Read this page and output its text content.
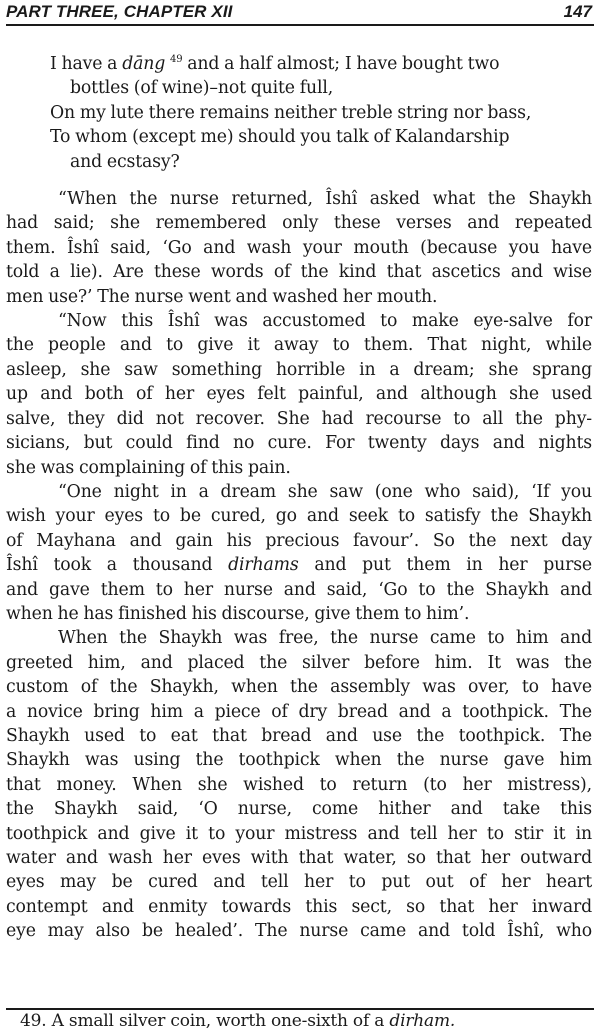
PART THREE, CHAPTER XII	147
I have a dāng $^{49}$ and a half almost; I have bought two
bottles (of wine)–not quite full,
On my lute there remains neither treble string nor bass,
To whom (except me) should you talk of Kalandarship
and ecstasy?

“When the nurse returned, Îshî asked what the Shaykh
had said; she remembered only these verses and repeated
them. Îshî said, ‘Go and wash your mouth (because you have
told a lie). Are these words of the kind that ascetics and wise
men use?’ The nurse went and washed her mouth.

“Now this Îshî was accustomed to make eye-salve for
the people and to give it away to them. That night, while
asleep, she saw something horrible in a dream; she sprang
up and both of her eyes felt painful, and although she used
salve, they did not recover. She had recourse to all the phy-
sicians, but could find no cure. For twenty days and nights
she was complaining of this pain.

“One night in a dream she saw (one who said), ‘If you
wish your eyes to be cured, go and seek to satisfy the Shaykh
of Mayhana and gain his precious favour’. So the next day
Îshî took a thousand dirhams and put them in her purse
and gave them to her nurse and said, ‘Go to the Shaykh and
when he has finished his discourse, give them to him’.

When the Shaykh was free, the nurse came to him and
greeted him, and placed the silver before him. It was the
custom of the Shaykh, when the assembly was over, to have
a novice bring him a piece of dry bread and a toothpick. The
Shaykh used to eat that bread and use the toothpick. The
Shaykh was using the toothpick when the nurse gave him
that money. When she wished to return (to her mistress),
the Shaykh said, ‘O nurse, come hither and take this
toothpick and give it to your mistress and tell her to stir it in
water and wash her eves with that water, so that her outward
eyes may be cured and tell her to put out of her heart
contempt and enmity towards this sect, so that her inward
eye may also be healed’. The nurse came and told Îshî, who

49. A small silver coin, worth one-sixth of a dirham.
